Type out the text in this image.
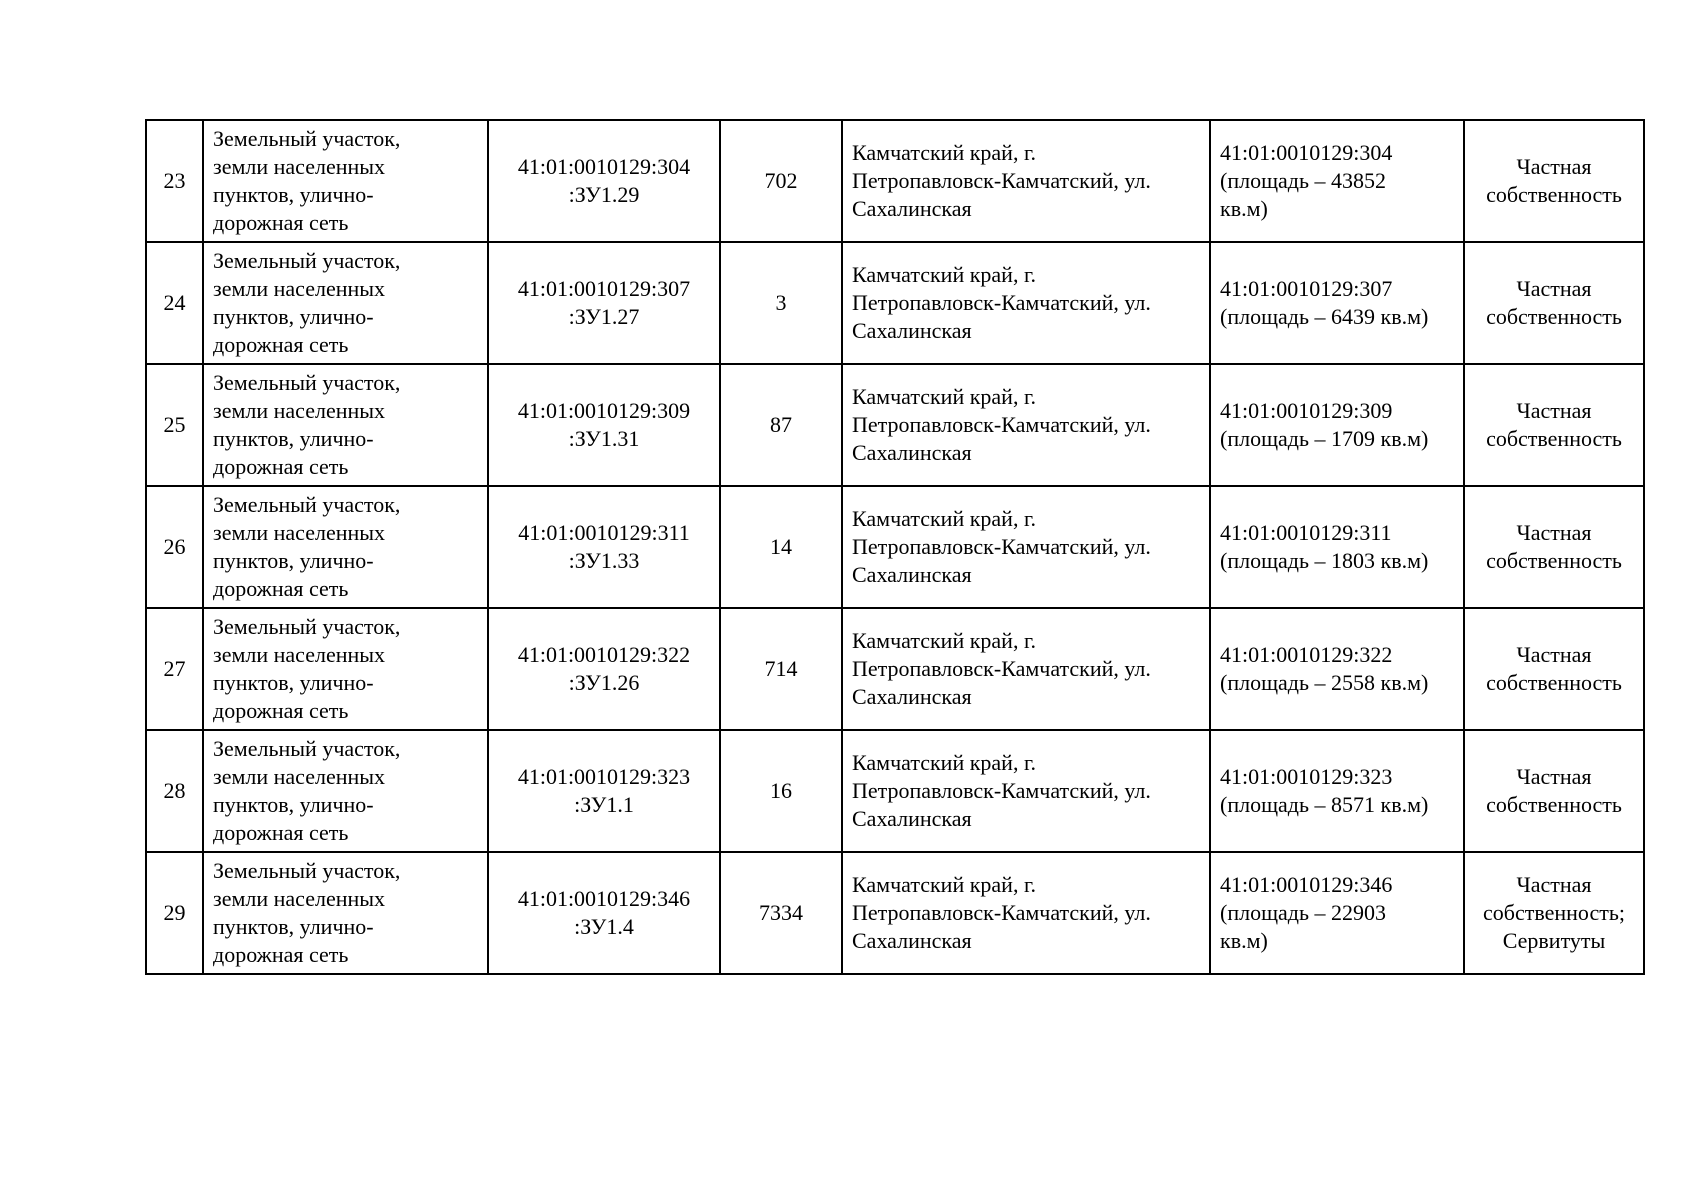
23	Земельный участок,
земли населенных
пунктов, улично-
дорожная сеть	41:01:0010129:304
:ЗУ1.29	702	Камчатский край, г.
Петропавловск-Камчатский, ул.
Сахалинская	41:01:0010129:304
(площадь – 43852
кв.м)	Частная
собственность

24	Земельный участок,
земли населенных
пунктов, улично-
дорожная сеть	41:01:0010129:307
:ЗУ1.27	3	Камчатский край, г.
Петропавловск-Камчатский, ул.
Сахалинская	41:01:0010129:307
(площадь – 6439 кв.м)	Частная
собственность

25	Земельный участок,
земли населенных
пунктов, улично-
дорожная сеть	41:01:0010129:309
:ЗУ1.31	87	Камчатский край, г.
Петропавловск-Камчатский, ул.
Сахалинская	41:01:0010129:309
(площадь – 1709 кв.м)	Частная
собственность

26	Земельный участок,
земли населенных
пунктов, улично-
дорожная сеть	41:01:0010129:311
:ЗУ1.33	14	Камчатский край, г.
Петропавловск-Камчатский, ул.
Сахалинская	41:01:0010129:311
(площадь – 1803 кв.м)	Частная
собственность

27	Земельный участок,
земли населенных
пунктов, улично-
дорожная сеть	41:01:0010129:322
:ЗУ1.26	714	Камчатский край, г.
Петропавловск-Камчатский, ул.
Сахалинская	41:01:0010129:322
(площадь – 2558 кв.м)	Частная
собственность

28	Земельный участок,
земли населенных
пунктов, улично-
дорожная сеть	41:01:0010129:323
:ЗУ1.1	16	Камчатский край, г.
Петропавловск-Камчатский, ул.
Сахалинская	41:01:0010129:323
(площадь – 8571 кв.м)	Частная
собственность

29	Земельный участок,
земли населенных
пунктов, улично-
дорожная сеть	41:01:0010129:346
:ЗУ1.4	7334	Камчатский край, г.
Петропавловск-Камчатский, ул.
Сахалинская	41:01:0010129:346
(площадь – 22903
кв.м)	Частная
собственность;
Сервитуты
